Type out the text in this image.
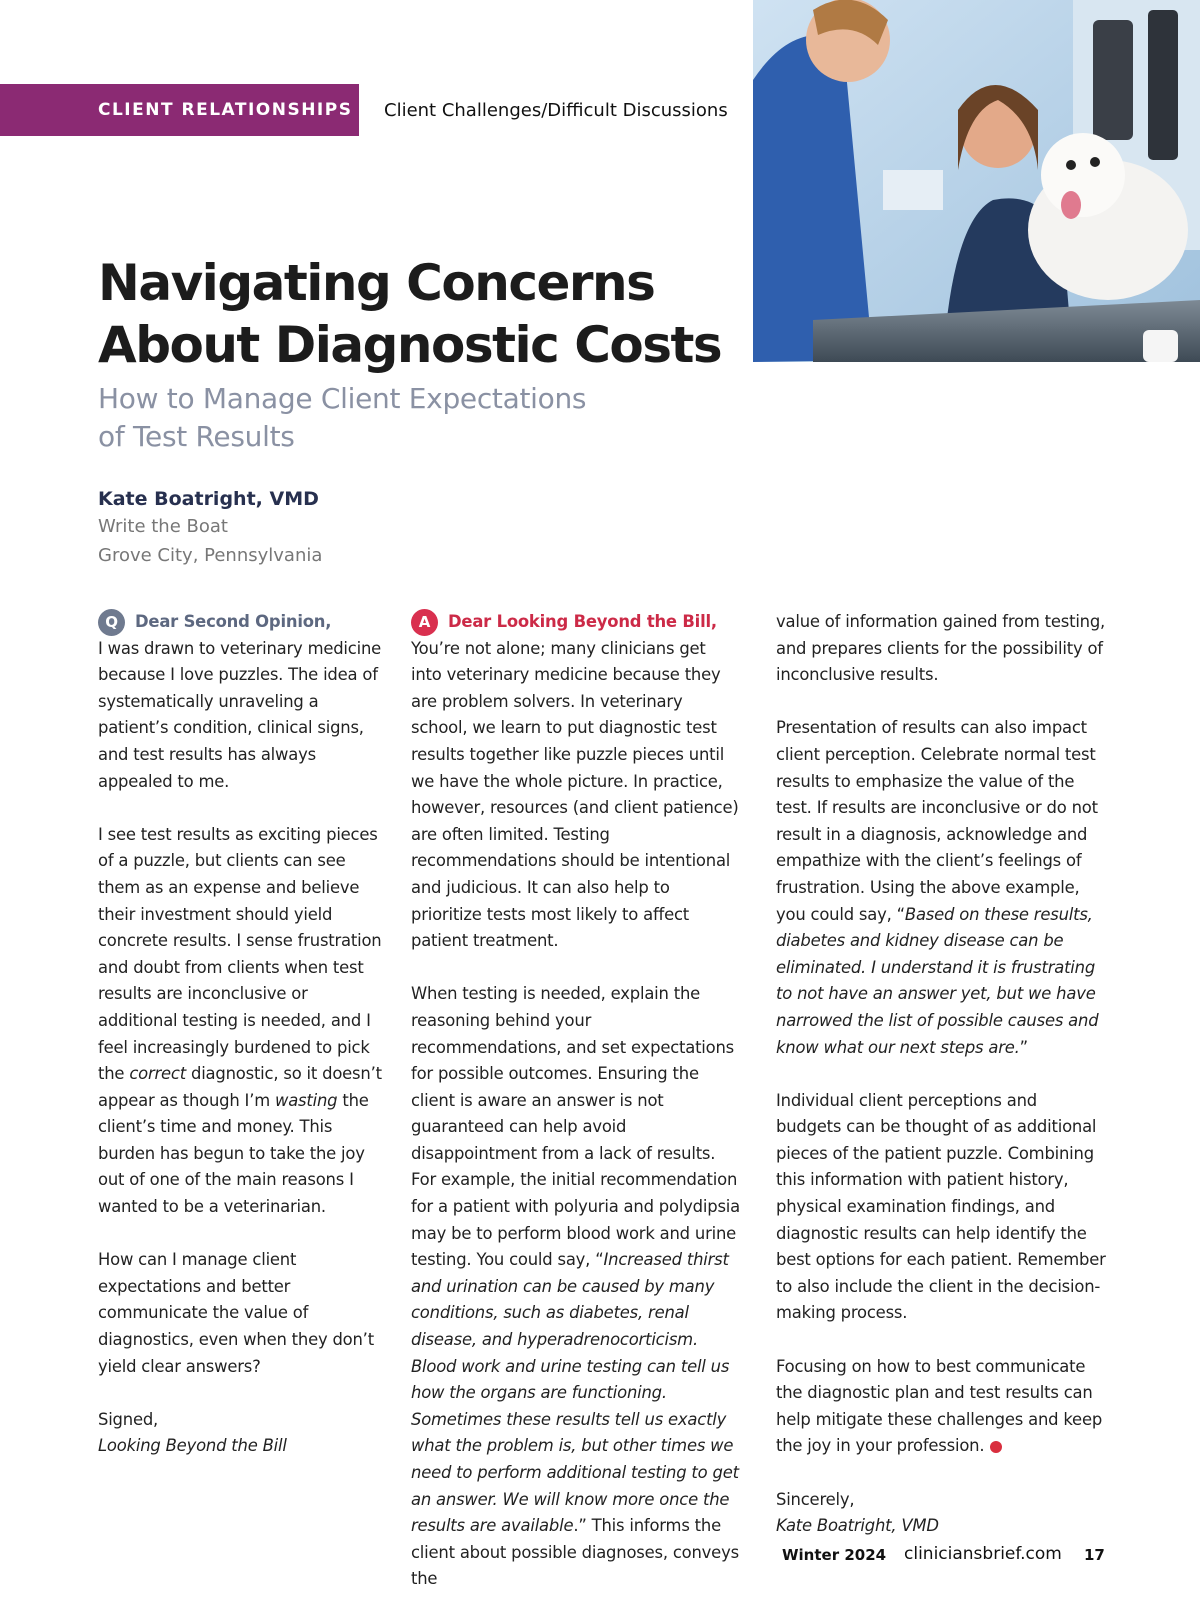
CLIENT RELATIONSHIPS	Client Challenges/Difficult Discussions
Navigating Concerns
About Diagnostic Costs
How to Manage Client Expectations
of Test Results
Kate Boatright, VMD
Write the Boat
Grove City, Pennsylvania
Q	Dear Second Opinion,

I was drawn to veterinary medicine because I love puzzles. The idea of systematically unraveling a patient’s condition, clinical signs, and test results has always appealed to me.

I see test results as exciting pieces of a puzzle, but clients can see them as an expense and believe their investment should yield concrete results. I sense frustration and doubt from clients when test results are inconclusive or additional testing is needed, and I feel increasingly burdened to pick the correct diagnostic, so it doesn’t appear as though I’m wasting the client’s time and money. This burden has begun to take the joy out of one of the main reasons I wanted to be a veterinarian.

How can I manage client expectations and better communicate the value of diagnostics, even when they don’t yield clear answers?

Signed,

Looking Beyond the Bill

A	Dear Looking Beyond the Bill,

You’re not alone; many clinicians get into veterinary medicine because they are problem solvers. In veterinary school, we learn to put diagnostic test results together like puzzle pieces until we have the whole picture. In practice, however, resources (and client patience) are often limited. Testing recommendations should be intentional and judicious. It can also help to prioritize tests most likely to affect patient treatment.

When testing is needed, explain the reasoning behind your recommendations, and set expectations for possible outcomes. Ensuring the client is aware an answer is not guaranteed can help avoid disappointment from a lack of results. For example, the initial recommendation for a patient with polyuria and polydipsia may be to perform blood work and urine testing. You could say, “Increased thirst and urination can be caused by many conditions, such as diabetes, renal disease, and hyperadrenocorticism. Blood work and urine testing can tell us how the organs are functioning. Sometimes these results tell us exactly what the problem is, but other times we need to perform additional testing to get an answer. We will know more once the results are available.” This informs the client about possible diagnoses, conveys the

value of information gained from testing, and prepares clients for the possibility of inconclusive results.

Presentation of results can also impact client perception. Celebrate normal test results to emphasize the value of the test. If results are inconclusive or do not result in a diagnosis, acknowledge and empathize with the client’s feelings of frustration. Using the above example, you could say, “Based on these results, diabetes and kidney disease can be eliminated. I understand it is frustrating to not have an answer yet, but we have narrowed the list of possible causes and know what our next steps are.”

Individual client perceptions and budgets can be thought of as additional pieces of the patient puzzle. Combining this information with patient history, physical examination findings, and diagnostic results can help identify the best options for each patient. Remember to also include the client in the decision-making process.

Focusing on how to best communicate the diagnostic plan and test results can help mitigate these challenges and keep the joy in your profession.

Sincerely,

Kate Boatright, VMD

Winter 2024 cliniciansbrief.com 17
